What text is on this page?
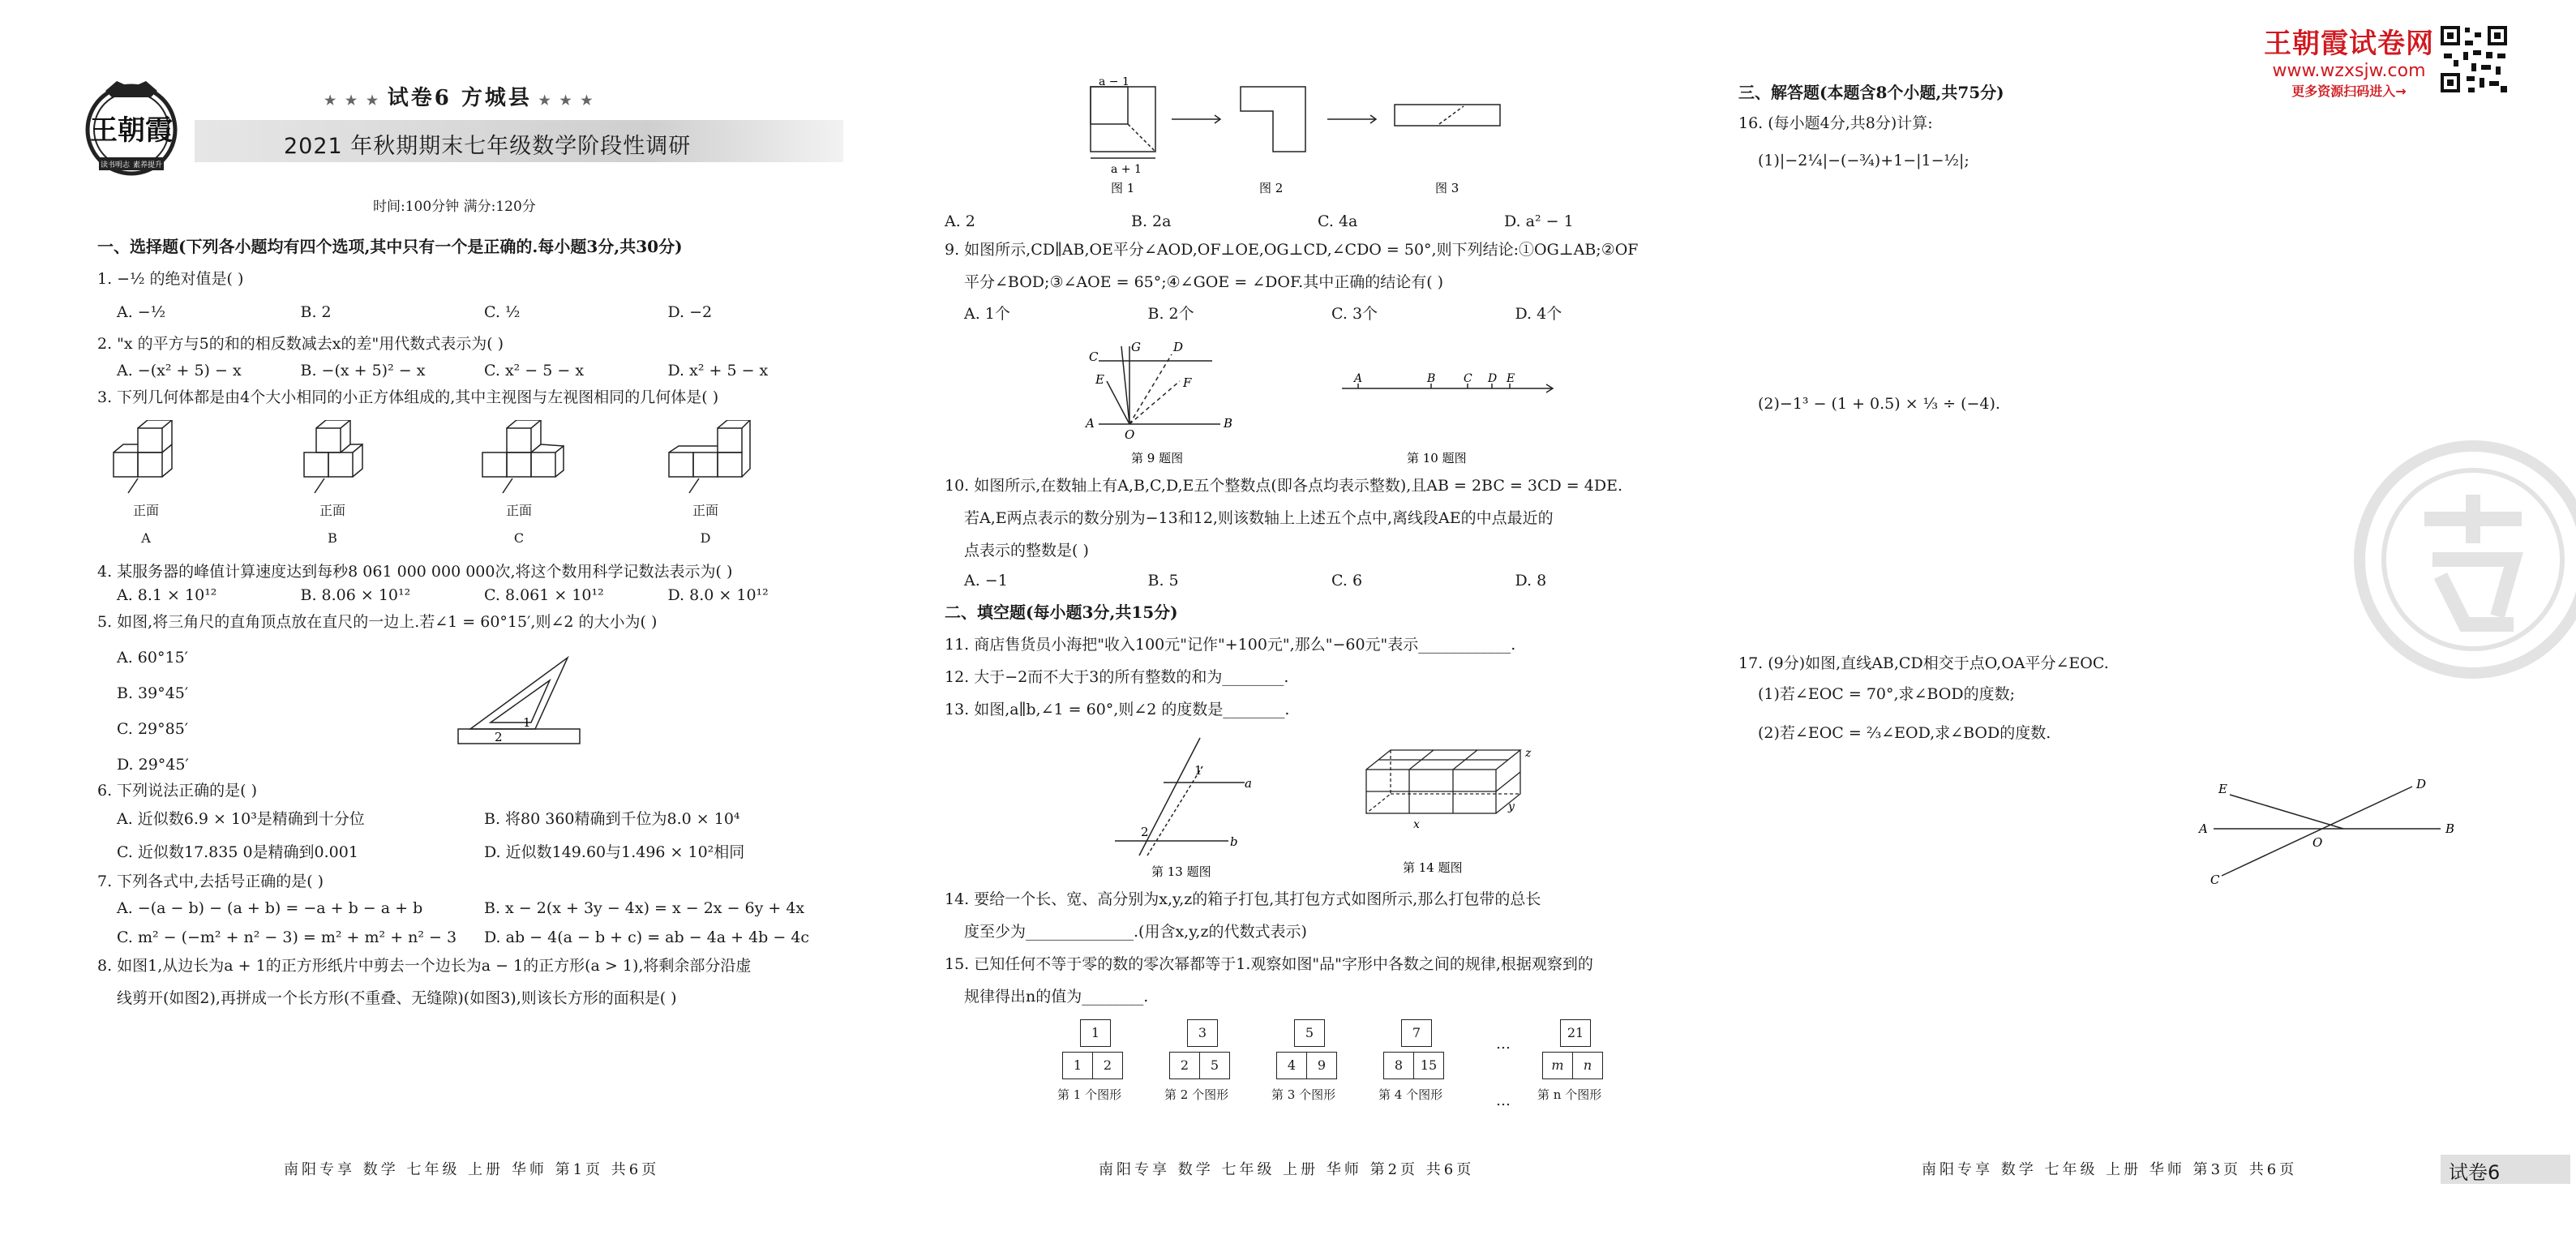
王朝霞
读书明志 素养提升
★ ★ ★ 试卷6 方城县 ★ ★ ★
2021 年秋期期末七年级数学阶段性调研
时间:100分钟 满分:120分

一、选择题(下列各小题均有四个选项,其中只有一个是正确的.每小题3分,共30分)

1. −½ 的绝对值是( )

A. −½	B. 2	C. ½	D. −2

2. "x 的平方与5的和的相反数减去x的差"用代数式表示为( )

A. −(x² + 5) − x	B. −(x + 5)² − x	C. x² − 5 − x	D. x² + 5 − x

3. 下列几何体都是由4个大小相同的小正方体组成的,其中主视图与左视图相同的几何体是( )

正面
A
正面
B
正面
C
正面
D

4. 某服务器的峰值计算速度达到每秒8 061 000 000 000次,将这个数用科学记数法表示为( )

A. 8.1 × 10¹²	B. 8.06 × 10¹²	C. 8.061 × 10¹²	D. 8.0 × 10¹²

5. 如图,将三角尺的直角顶点放在直尺的一边上.若∠1 = 60°15′,则∠2 的大小为( )

A. 60°15′
B. 39°45′
C. 29°85′
D. 29°45′
1
2

6. 下列说法正确的是( )

A. 近似数6.9 × 10³是精确到十分位	B. 将80 360精确到千位为8.0 × 10⁴
C. 近似数17.835 0是精确到0.001	D. 近似数149.60与1.496 × 10²相同

7. 下列各式中,去括号正确的是( )

A. −(a − b) − (a + b) = −a + b − a + b	B. x − 2(x + 3y − 4x) = x − 2x − 6y + 4x
C. m² − (−m² + n² − 3) = m² + m² + n² − 3	D. ab − 4(a − b + c) = ab − 4a + 4b − 4c

8. 如图1,从边长为a + 1的正方形纸片中剪去一个边长为a − 1的正方形(a > 1),将剩余部分沿虚

线剪开(如图2),再拼成一个长方形(不重叠、无缝隙)(如图3),则该长方形的面积是( )

南阳专享 数学 七年级 上册 华师 第1页 共6页
a − 1
a + 1
图 1	图 2	图 3
A. 2	B. 2a	C. 4a	D. a² − 1

9. 如图所示,CD∥AB,OE平分∠AOD,OF⊥OE,OG⊥CD,∠CDO = 50°,则下列结论:①OG⊥AB;②OF

平分∠BOD;③∠AOE = 65°;④∠GOE = ∠DOF.其中正确的结论有( )

A. 1个	B. 2个	C. 3个	D. 4个
C
G	D
E	F
A
O
B
第 9 题图
A	B C D E
第 10 题图

10. 如图所示,在数轴上有A,B,C,D,E五个整数点(即各点均表示整数),且AB = 2BC = 3CD = 4DE.

若A,E两点表示的数分别为−13和12,则该数轴上上述五个点中,离线段AE的中点最近的

点表示的整数是( )

A. −1	B. 5	C. 6	D. 8

二、填空题(每小题3分,共15分)

11. 商店售货员小海把"收入100元"记作"+100元",那么"−60元"表示____________.

12. 大于−2而不大于3的所有整数的和为________.

13. 如图,a∥b,∠1 = 60°,则∠2 的度数是________.

1
a
2
b
第 13 题图
z
y
x
第 14 题图

14. 要给一个长、宽、高分别为x,y,z的箱子打包,其打包方式如图所示,那么打包带的总长

度至少为______________.(用含x,y,z的代数式表示)

15. 已知任何不等于零的数的零次幂都等于1.观察如图"品"字形中各数之间的规律,根据观察到的

规律得出n的值为________.

1
1	2
第 1 个图形
3
2	5
第 2 个图形
5
4	9
第 3 个图形
7
8	15
第 4 个图形
…
…
21
m	n
第 n 个图形
南阳专享 数学 七年级 上册 华师 第2页 共6页
王朝霞试卷网
www.wzxsjw.com
更多资源扫码进入→

三、解答题(本题含8个小题,共75分)

16. (每小题4分,共8分)计算:

(1)|−2¼|−(−¾)+1−|1−½|;

(2)−1³ − (1 + 0.5) × ⅓ ÷ (−4).

17. (9分)如图,直线AB,CD相交于点O,OA平分∠EOC.

(1)若∠EOC = 70°,求∠BOD的度数;

(2)若∠EOC = ⅔∠EOD,求∠BOD的度数.

E	D
A	B
O
C
南阳专享 数学 七年级 上册 华师 第3页 共6页	试卷6
